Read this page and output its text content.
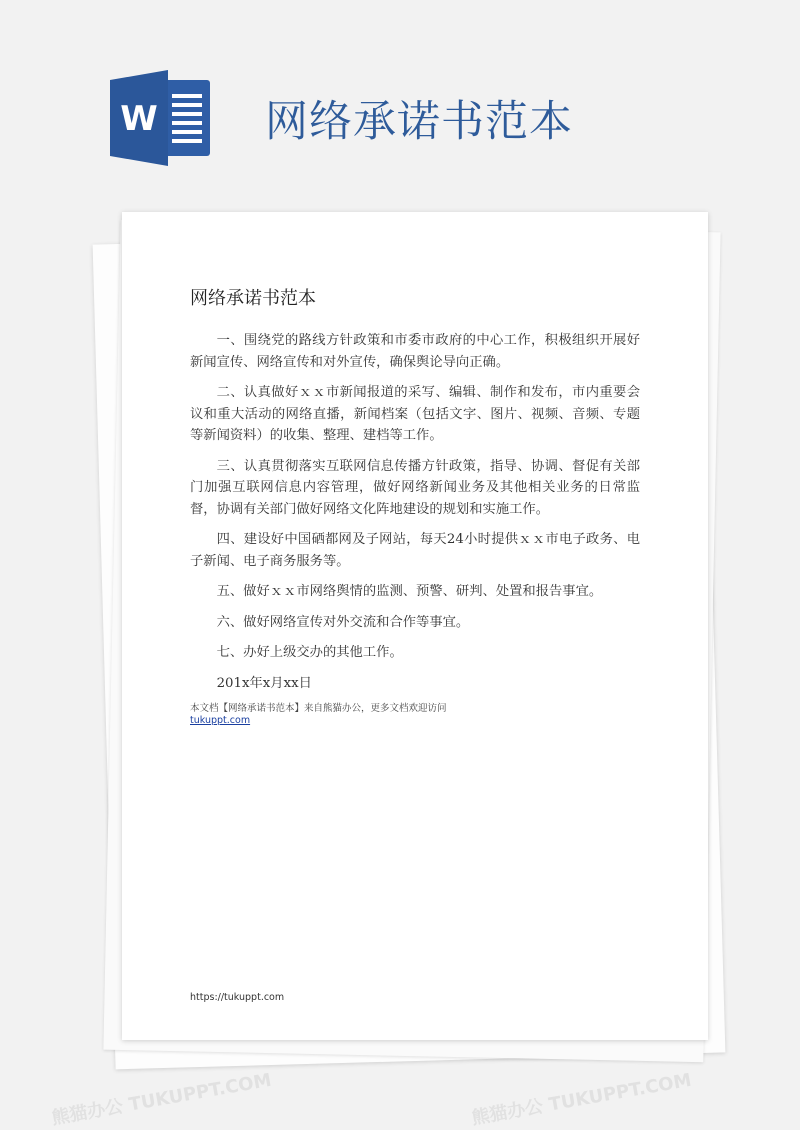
熊猫办公 TUKUPPT.COM	熊猫办公 TUKUPPT.COM
W 网络承诺书范本
网络承诺书范本

一、围绕党的路线方针政策和市委市政府的中心工作，积极组织开展好新闻宣传、网络宣传和对外宣传，确保舆论导向正确。

二、认真做好ｘｘ市新闻报道的采写、编辑、制作和发布，市内重要会议和重大活动的网络直播，新闻档案（包括文字、图片、视频、音频、专题等新闻资料）的收集、整理、建档等工作。

三、认真贯彻落实互联网信息传播方针政策，指导、协调、督促有关部门加强互联网信息内容管理，做好网络新闻业务及其他相关业务的日常监督，协调有关部门做好网络文化阵地建设的规划和实施工作。

四、建设好中国硒都网及子网站，每天24小时提供ｘｘ市电子政务、电子新闻、电子商务服务等。

五、做好ｘｘ市网络舆情的监测、预警、研判、处置和报告事宜。

六、做好网络宣传对外交流和合作等事宜。

七、办好上级交办的其他工作。

201x年x月xx日

本文档【网络承诺书范本】来自熊猫办公，更多文档欢迎访问
tukuppt.com
https://tukuppt.com
